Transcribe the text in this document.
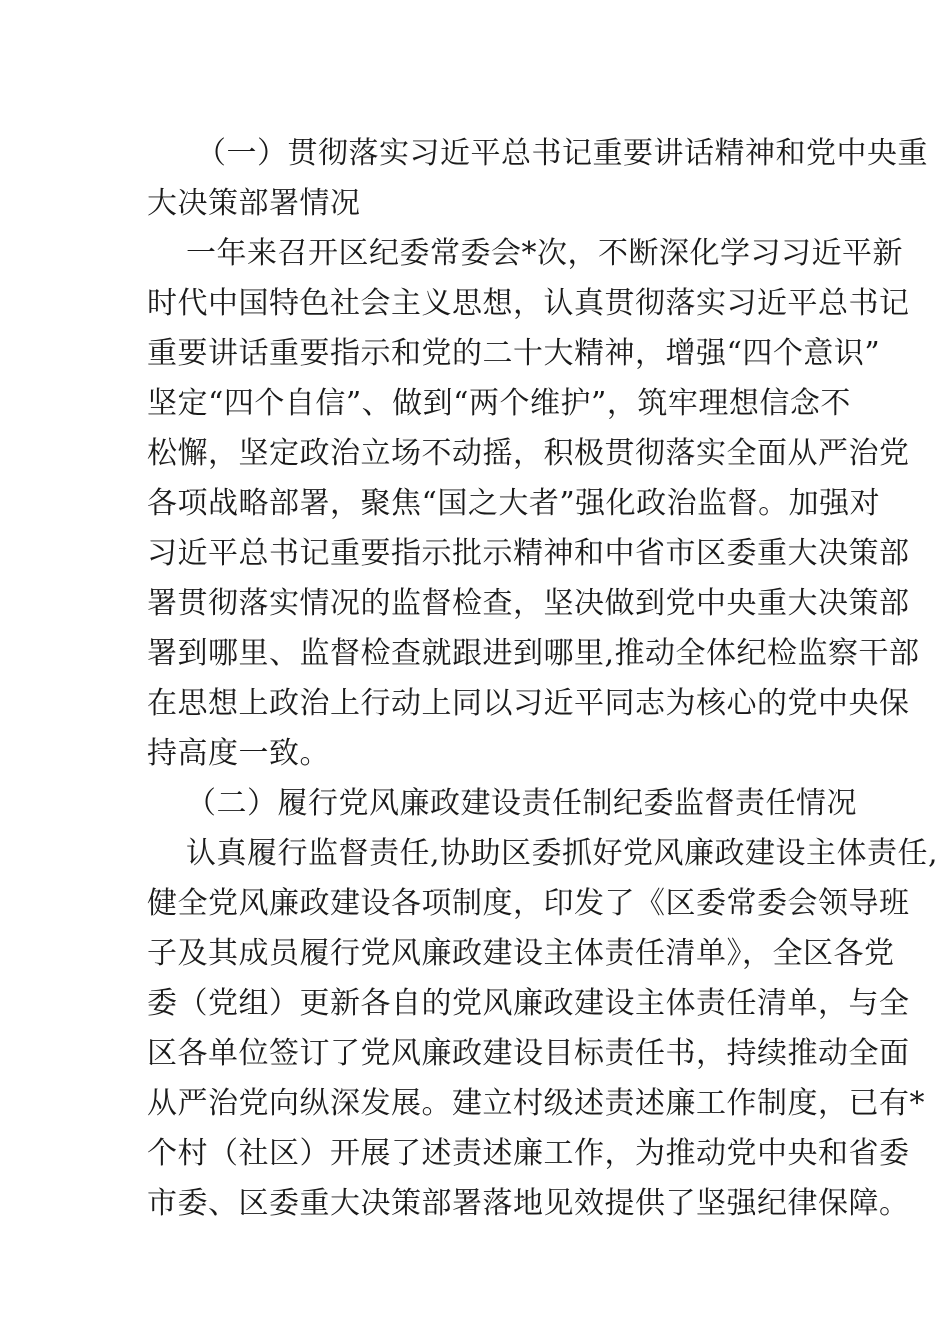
（一）贯彻落实习近平总书记重要讲话精神和党中央重
大决策部署情况
一年来召开区纪委常委会*次，不断深化学习习近平新
时代中国特色社会主义思想，认真贯彻落实习近平总书记
重要讲话重要指示和党的二十大精神，增强“四个意识”
坚定“四个自信”、做到“两个维护”，筑牢理想信念不
松懈，坚定政治立场不动摇，积极贯彻落实全面从严治党
各项战略部署，聚焦“国之大者”强化政治监督。加强对
习近平总书记重要指示批示精神和中省市区委重大决策部
署贯彻落实情况的监督检查，坚决做到党中央重大决策部
署到哪里、监督检查就跟进到哪里,推动全体纪检监察干部
在思想上政治上行动上同以习近平同志为核心的党中央保
持高度一致。
（二）履行党风廉政建设责任制纪委监督责任情况
认真履行监督责任,协助区委抓好党风廉政建设主体责任,
健全党风廉政建设各项制度，印发了《区委常委会领导班
子及其成员履行党风廉政建设主体责任清单》，全区各党
委（党组）更新各自的党风廉政建设主体责任清单，与全
区各单位签订了党风廉政建设目标责任书，持续推动全面
从严治党向纵深发展。建立村级述责述廉工作制度，已有*
个村（社区）开展了述责述廉工作，为推动党中央和省委
市委、区委重大决策部署落地见效提供了坚强纪律保障。
